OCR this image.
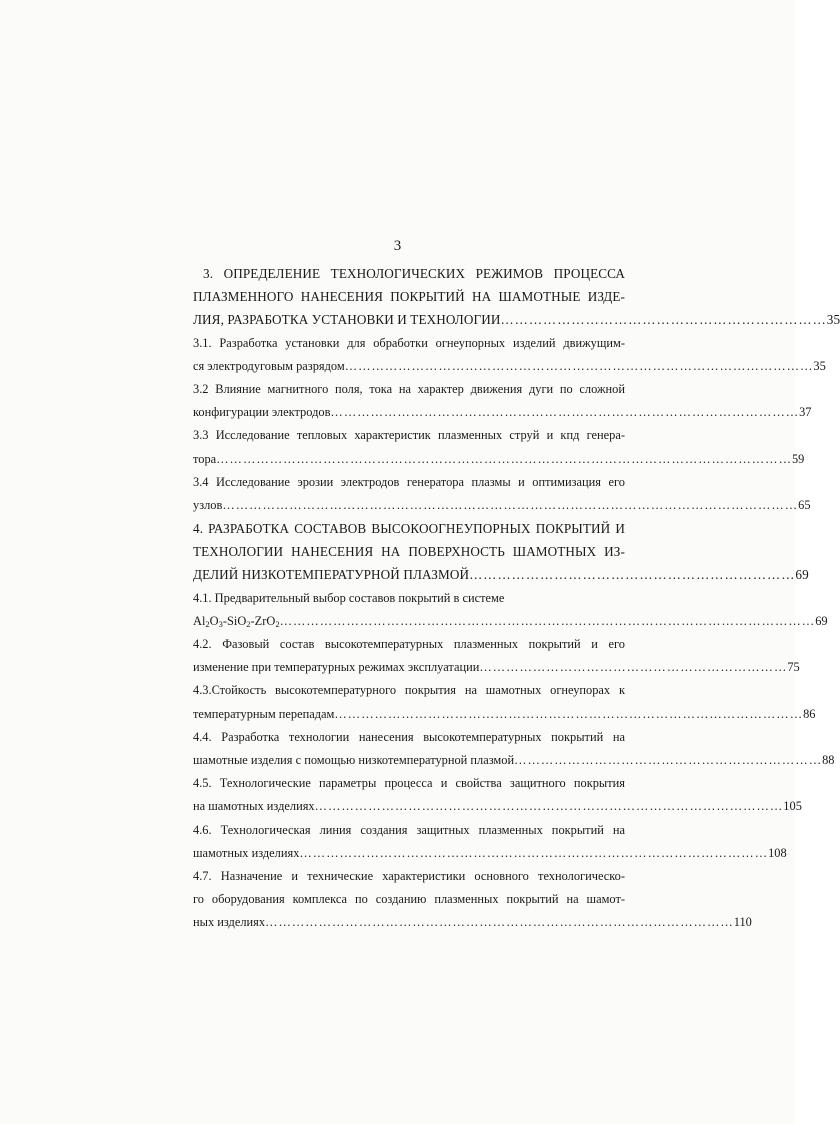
3
3. ОПРЕДЕЛЕНИЕ ТЕХНОЛОГИЧЕСКИХ РЕЖИМОВ ПРОЦЕССА
ПЛАЗМЕННОГО НАНЕСЕНИЯ ПОКРЫТИЙ НА ШАМОТНЫЕ ИЗДЕ-
ЛИЯ, РАЗРАБОТКА УСТАНОВКИ И ТЕХНОЛОГИИ …………………………………………………………… 35
3.1. Разработка установки для обработки огнеупорных изделий движущим-
ся электродуговым разрядом …………………………………………………………………………………………… 35
3.2 Влияние магнитного поля, тока на характер движения дуги по сложной
конфигурации электродов …………………………………………………………………………………………… 37
3.3 Исследование тепловых характеристик плазменных струй и кпд генера-
тора ………………………………………………………………………………………………………………… 59
3.4 Исследование эрозии электродов генератора плазмы и оптимизация его
узлов ………………………………………………………………………………………………………………… 65
4. РАЗРАБОТКА СОСТАВОВ ВЫСОКООГНЕУПОРНЫХ ПОКРЫТИЙ И
ТЕХНОЛОГИИ НАНЕСЕНИЯ НА ПОВЕРХНОСТЬ ШАМОТНЫХ ИЗ-
ДЕЛИЙ НИЗКОТЕМПЕРАТУРНОЙ ПЛАЗМОЙ …………………………………………………………… 69
4.1. Предварительный выбор составов покрытий в системе
$Al_2O_3-SiO_2-ZrO_2$ ………………………………………………………………………………………………………… 69
4.2. Фазовый состав высокотемпературных плазменных покрытий и его
изменение при температурных режимах эксплуатации …………………………………………………………… 75
4.3.Стойкость высокотемпературного покрытия на шамотных огнеупорах к
температурным перепадам …………………………………………………………………………………………… 86
4.4. Разработка технологии нанесения высокотемпературных покрытий на
шамотные изделия с помощью низкотемпературной плазмой …………………………………………………………… 88
4.5. Технологические параметры процесса и свойства защитного покрытия
на шамотных изделиях …………………………………………………………………………………………… 105
4.6. Технологическая линия создания защитных плазменных покрытий на
шамотных изделиях …………………………………………………………………………………………… 108
4.7. Назначение и технические характеристики основного технологическо-
го оборудования комплекса по созданию плазменных покрытий на шамот-
ных изделиях …………………………………………………………………………………………… 110
